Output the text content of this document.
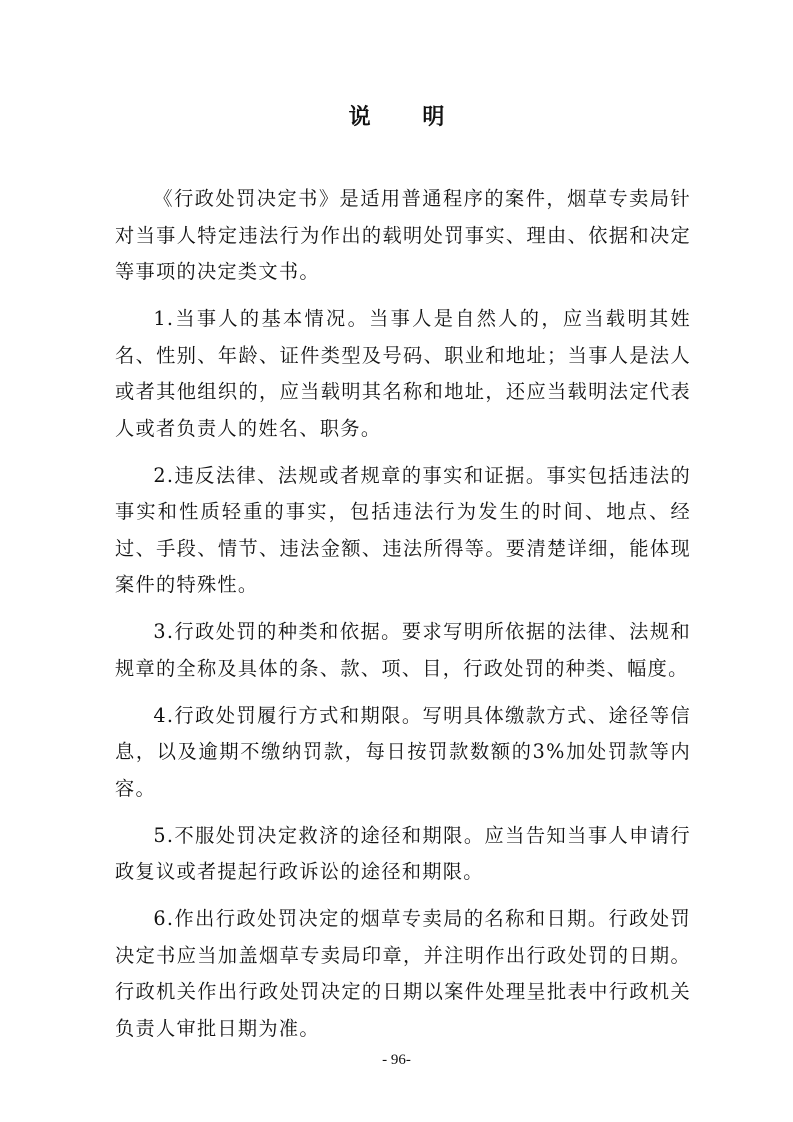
说 明

《行政处罚决定书》是适用普通程序的案件，烟草专卖局针对当事人特定违法行为作出的载明处罚事实、理由、依据和决定等事项的决定类文书。

1.当事人的基本情况。当事人是自然人的，应当载明其姓名、性别、年龄、证件类型及号码、职业和地址；当事人是法人或者其他组织的，应当载明其名称和地址，还应当载明法定代表人或者负责人的姓名、职务。

2.违反法律、法规或者规章的事实和证据。事实包括违法的事实和性质轻重的事实，包括违法行为发生的时间、地点、经过、手段、情节、违法金额、违法所得等。要清楚详细，能体现案件的特殊性。

3.行政处罚的种类和依据。要求写明所依据的法律、法规和规章的全称及具体的条、款、项、目，行政处罚的种类、幅度。

4.行政处罚履行方式和期限。写明具体缴款方式、途径等信息，以及逾期不缴纳罚款，每日按罚款数额的3%加处罚款等内容。

5.不服处罚决定救济的途径和期限。应当告知当事人申请行政复议或者提起行政诉讼的途径和期限。

6.作出行政处罚决定的烟草专卖局的名称和日期。行政处罚决定书应当加盖烟草专卖局印章，并注明作出行政处罚的日期。行政机关作出行政处罚决定的日期以案件处理呈批表中行政机关负责人审批日期为准。

- 96-
